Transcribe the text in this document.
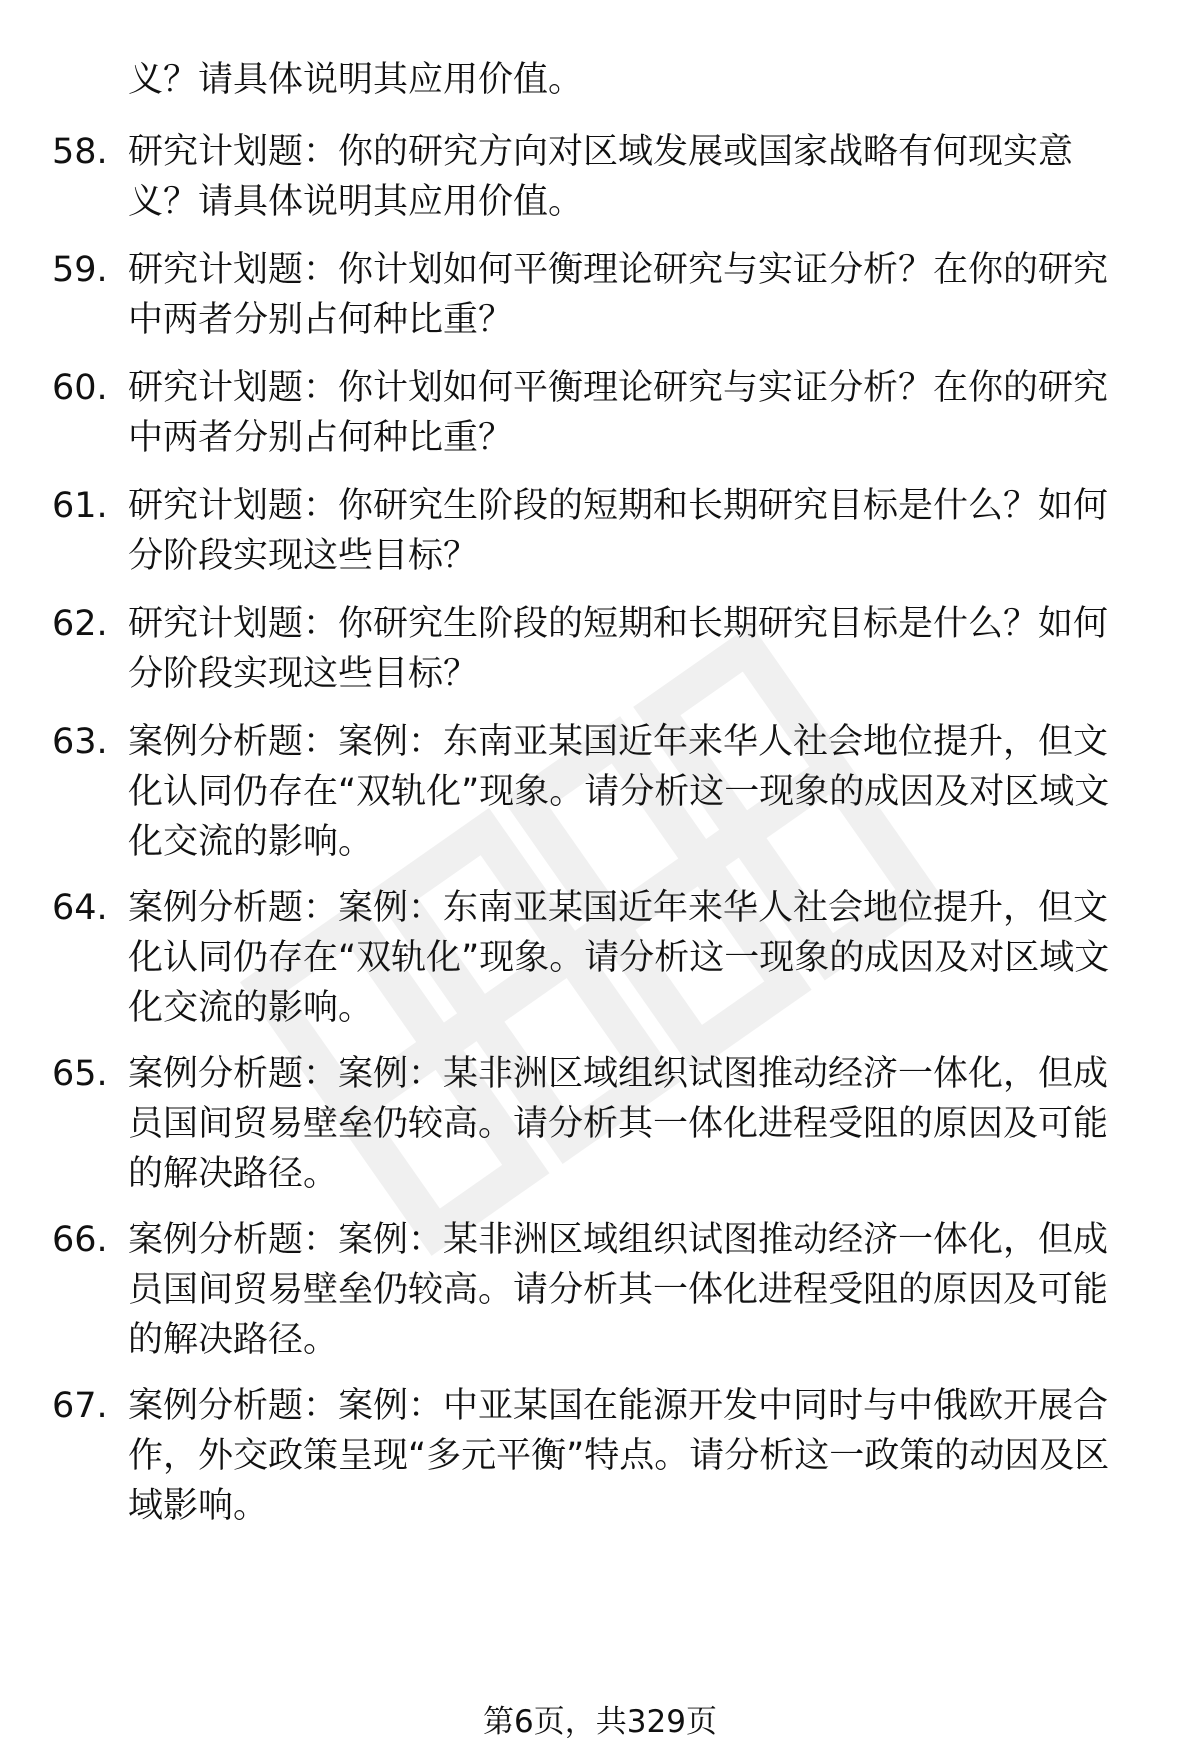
义？请具体说明其应用价值。
58. 研究计划题：你的研究方向对区域发展或国家战略有何现实意义？请具体说明其应用价值。
59. 研究计划题：你计划如何平衡理论研究与实证分析？在你的研究中两者分别占何种比重？
60. 研究计划题：你计划如何平衡理论研究与实证分析？在你的研究中两者分别占何种比重？
61. 研究计划题：你研究生阶段的短期和长期研究目标是什么？如何分阶段实现这些目标？
62. 研究计划题：你研究生阶段的短期和长期研究目标是什么？如何分阶段实现这些目标？
63. 案例分析题：案例：东南亚某国近年来华人社会地位提升，但文化认同仍存在“双轨化”现象。请分析这一现象的成因及对区域文化交流的影响。
64. 案例分析题：案例：东南亚某国近年来华人社会地位提升，但文化认同仍存在“双轨化”现象。请分析这一现象的成因及对区域文化交流的影响。
65. 案例分析题：案例：某非洲区域组织试图推动经济一体化，但成员国间贸易壁垒仍较高。请分析其一体化进程受阻的原因及可能的解决路径。
66. 案例分析题：案例：某非洲区域组织试图推动经济一体化，但成员国间贸易壁垒仍较高。请分析其一体化进程受阻的原因及可能的解决路径。
67. 案例分析题：案例：中亚某国在能源开发中同时与中俄欧开展合作，外交政策呈现“多元平衡”特点。请分析这一政策的动因及区域影响。
第6页，共329页
